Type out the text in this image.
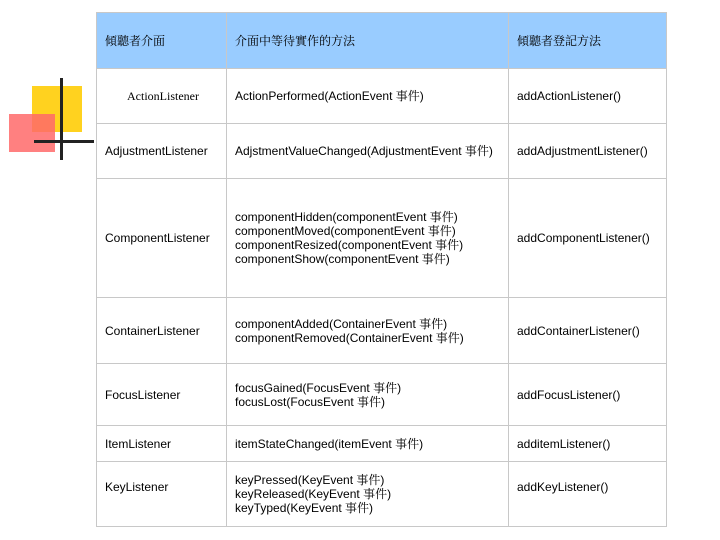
傾聽者介面	介面中等待實作的方法	傾聽者登記方法
ActionListener	ActionPerformed(ActionEvent 事件)	addActionListener()
AdjustmentListener	AdjstmentValueChanged(AdjustmentEvent 事件)	addAdjustmentListener()
ComponentListener	componentHidden(componentEvent 事件)
componentMoved(componentEvent 事件)
componentResized(componentEvent 事件)
componentShow(componentEvent 事件)	addComponentListener()
ContainerListener	componentAdded(ContainerEvent 事件)
componentRemoved(ContainerEvent 事件)	addContainerListener()
FocusListener	focusGained(FocusEvent 事件)
focusLost(FocusEvent 事件)	addFocusListener()
ItemListener	itemStateChanged(itemEvent 事件)	additemListener()
KeyListener	keyPressed(KeyEvent 事件)
keyReleased(KeyEvent 事件)
keyTyped(KeyEvent 事件)	addKeyListener()
